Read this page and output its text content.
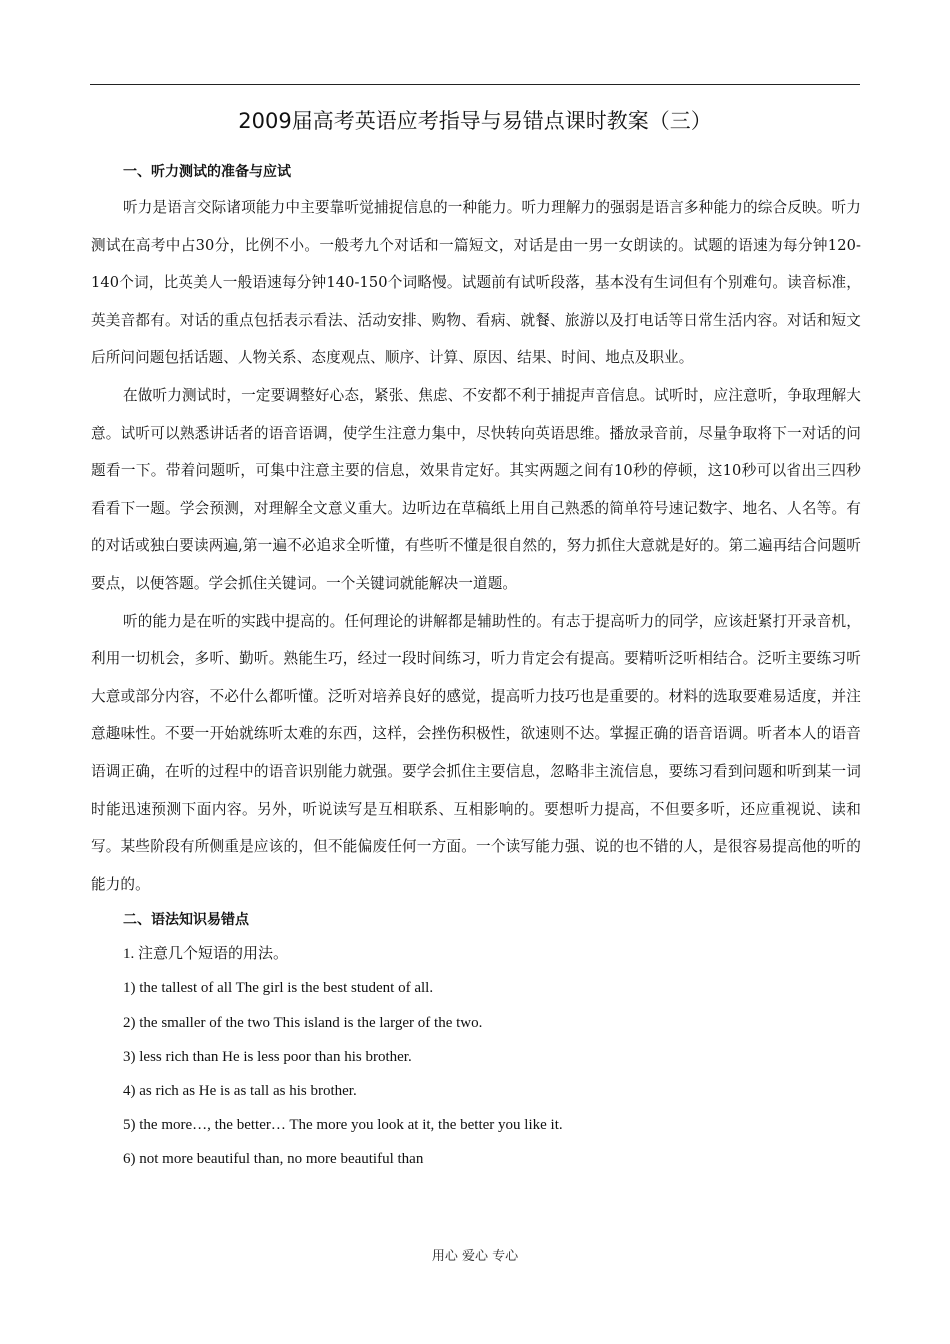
2009届高考英语应考指导与易错点课时教案（三）
一、听力测试的准备与应试

听力是语言交际诸项能力中主要靠听觉捕捉信息的一种能力。听力理解力的强弱是语言多种能力的综合反映。听力测试在高考中占30分，比例不小。一般考九个对话和一篇短文，对话是由一男一女朗读的。试题的语速为每分钟120-140个词，比英美人一般语速每分钟140-150个词略慢。试题前有试听段落，基本没有生词但有个别难句。读音标准，英美音都有。对话的重点包括表示看法、活动安排、购物、看病、就餐、旅游以及打电话等日常生活内容。对话和短文后所问问题包括话题、人物关系、态度观点、顺序、计算、原因、结果、时间、地点及职业。

在做听力测试时，一定要调整好心态，紧张、焦虑、不安都不利于捕捉声音信息。试听时，应注意听，争取理解大意。试听可以熟悉讲话者的语音语调，使学生注意力集中，尽快转向英语思维。播放录音前，尽量争取将下一对话的问题看一下。带着问题听，可集中注意主要的信息，效果肯定好。其实两题之间有10秒的停顿，这10秒可以省出三四秒看看下一题。学会预测，对理解全文意义重大。边听边在草稿纸上用自己熟悉的简单符号速记数字、地名、人名等。有的对话或独白要读两遍,第一遍不必追求全听懂，有些听不懂是很自然的，努力抓住大意就是好的。第二遍再结合问题听要点，以便答题。学会抓住关键词。一个关键词就能解决一道题。

听的能力是在听的实践中提高的。任何理论的讲解都是辅助性的。有志于提高听力的同学，应该赶紧打开录音机，利用一切机会，多听、勤听。熟能生巧，经过一段时间练习，听力肯定会有提高。要精听泛听相结合。泛听主要练习听大意或部分内容，不必什么都听懂。泛听对培养良好的感觉，提高听力技巧也是重要的。材料的选取要难易适度，并注意趣味性。不要一开始就练听太难的东西，这样，会挫伤积极性，欲速则不达。掌握正确的语音语调。听者本人的语音语调正确，在听的过程中的语音识别能力就强。要学会抓住主要信息，忽略非主流信息，要练习看到问题和听到某一词时能迅速预测下面内容。另外，听说读写是互相联系、互相影响的。要想听力提高，不但要多听，还应重视说、读和写。某些阶段有所侧重是应该的，但不能偏废任何一方面。一个读写能力强、说的也不错的人，是很容易提高他的听的能力的。

二、语法知识易错点
1. 注意几个短语的用法。
1) the tallest of all The girl is the best student of all.
2) the smaller of the two This island is the larger of the two.
3) less rich than He is less poor than his brother.
4) as rich as He is as tall as his brother.
5) the more…, the better… The more you look at it, the better you like it.
6) not more beautiful than, no more beautiful than
用心 爱心 专心
